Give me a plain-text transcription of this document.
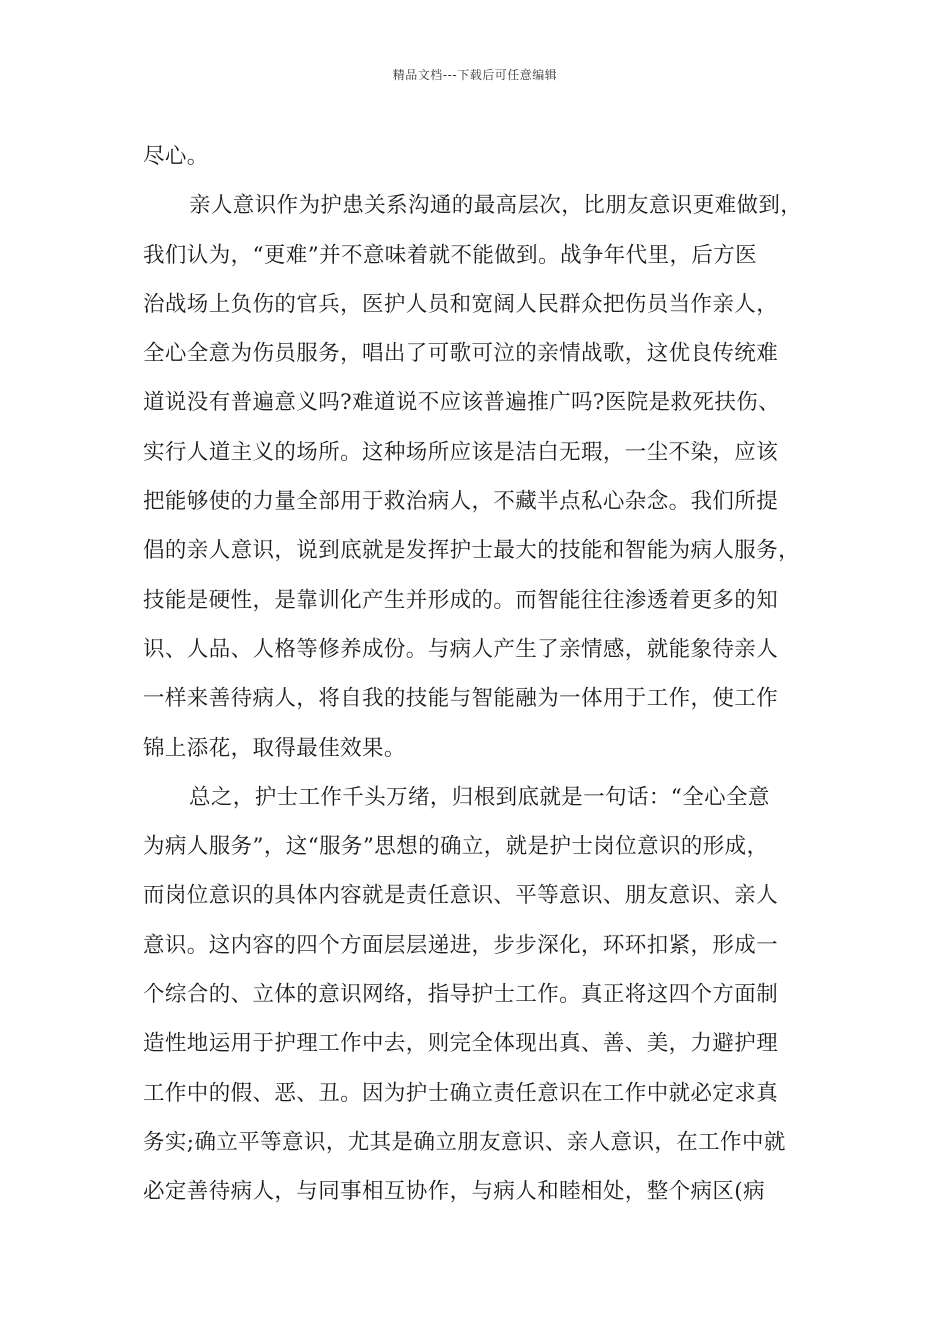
精品文档---下载后可任意编辑
尽心。
亲人意识作为护患关系沟通的最高层次，比朋友意识更难做到，
我们认为，“更难”并不意味着就不能做到。战争年代里，后方医
治战场上负伤的官兵，医护人员和宽阔人民群众把伤员当作亲人，
全心全意为伤员服务，唱出了可歌可泣的亲情战歌，这优良传统难
道说没有普遍意义吗?难道说不应该普遍推广吗?医院是救死扶伤、
实行人道主义的场所。这种场所应该是洁白无瑕，一尘不染，应该
把能够使的力量全部用于救治病人，不藏半点私心杂念。我们所提
倡的亲人意识，说到底就是发挥护士最大的技能和智能为病人服务，
技能是硬性，是靠训化产生并形成的。而智能往往渗透着更多的知
识、人品、人格等修养成份。与病人产生了亲情感，就能象待亲人
一样来善待病人，将自我的技能与智能融为一体用于工作，使工作
锦上添花，取得最佳效果。
总之，护士工作千头万绪，归根到底就是一句话：“全心全意
为病人服务”，这“服务”思想的确立，就是护士岗位意识的形成，
而岗位意识的具体内容就是责任意识、平等意识、朋友意识、亲人
意识。这内容的四个方面层层递进，步步深化，环环扣紧，形成一
个综合的、立体的意识网络，指导护士工作。真正将这四个方面制
造性地运用于护理工作中去，则完全体现出真、善、美，力避护理
工作中的假、恶、丑。因为护士确立责任意识在工作中就必定求真
务实;确立平等意识，尤其是确立朋友意识、亲人意识，在工作中就
必定善待病人，与同事相互协作，与病人和睦相处，整个病区(病
